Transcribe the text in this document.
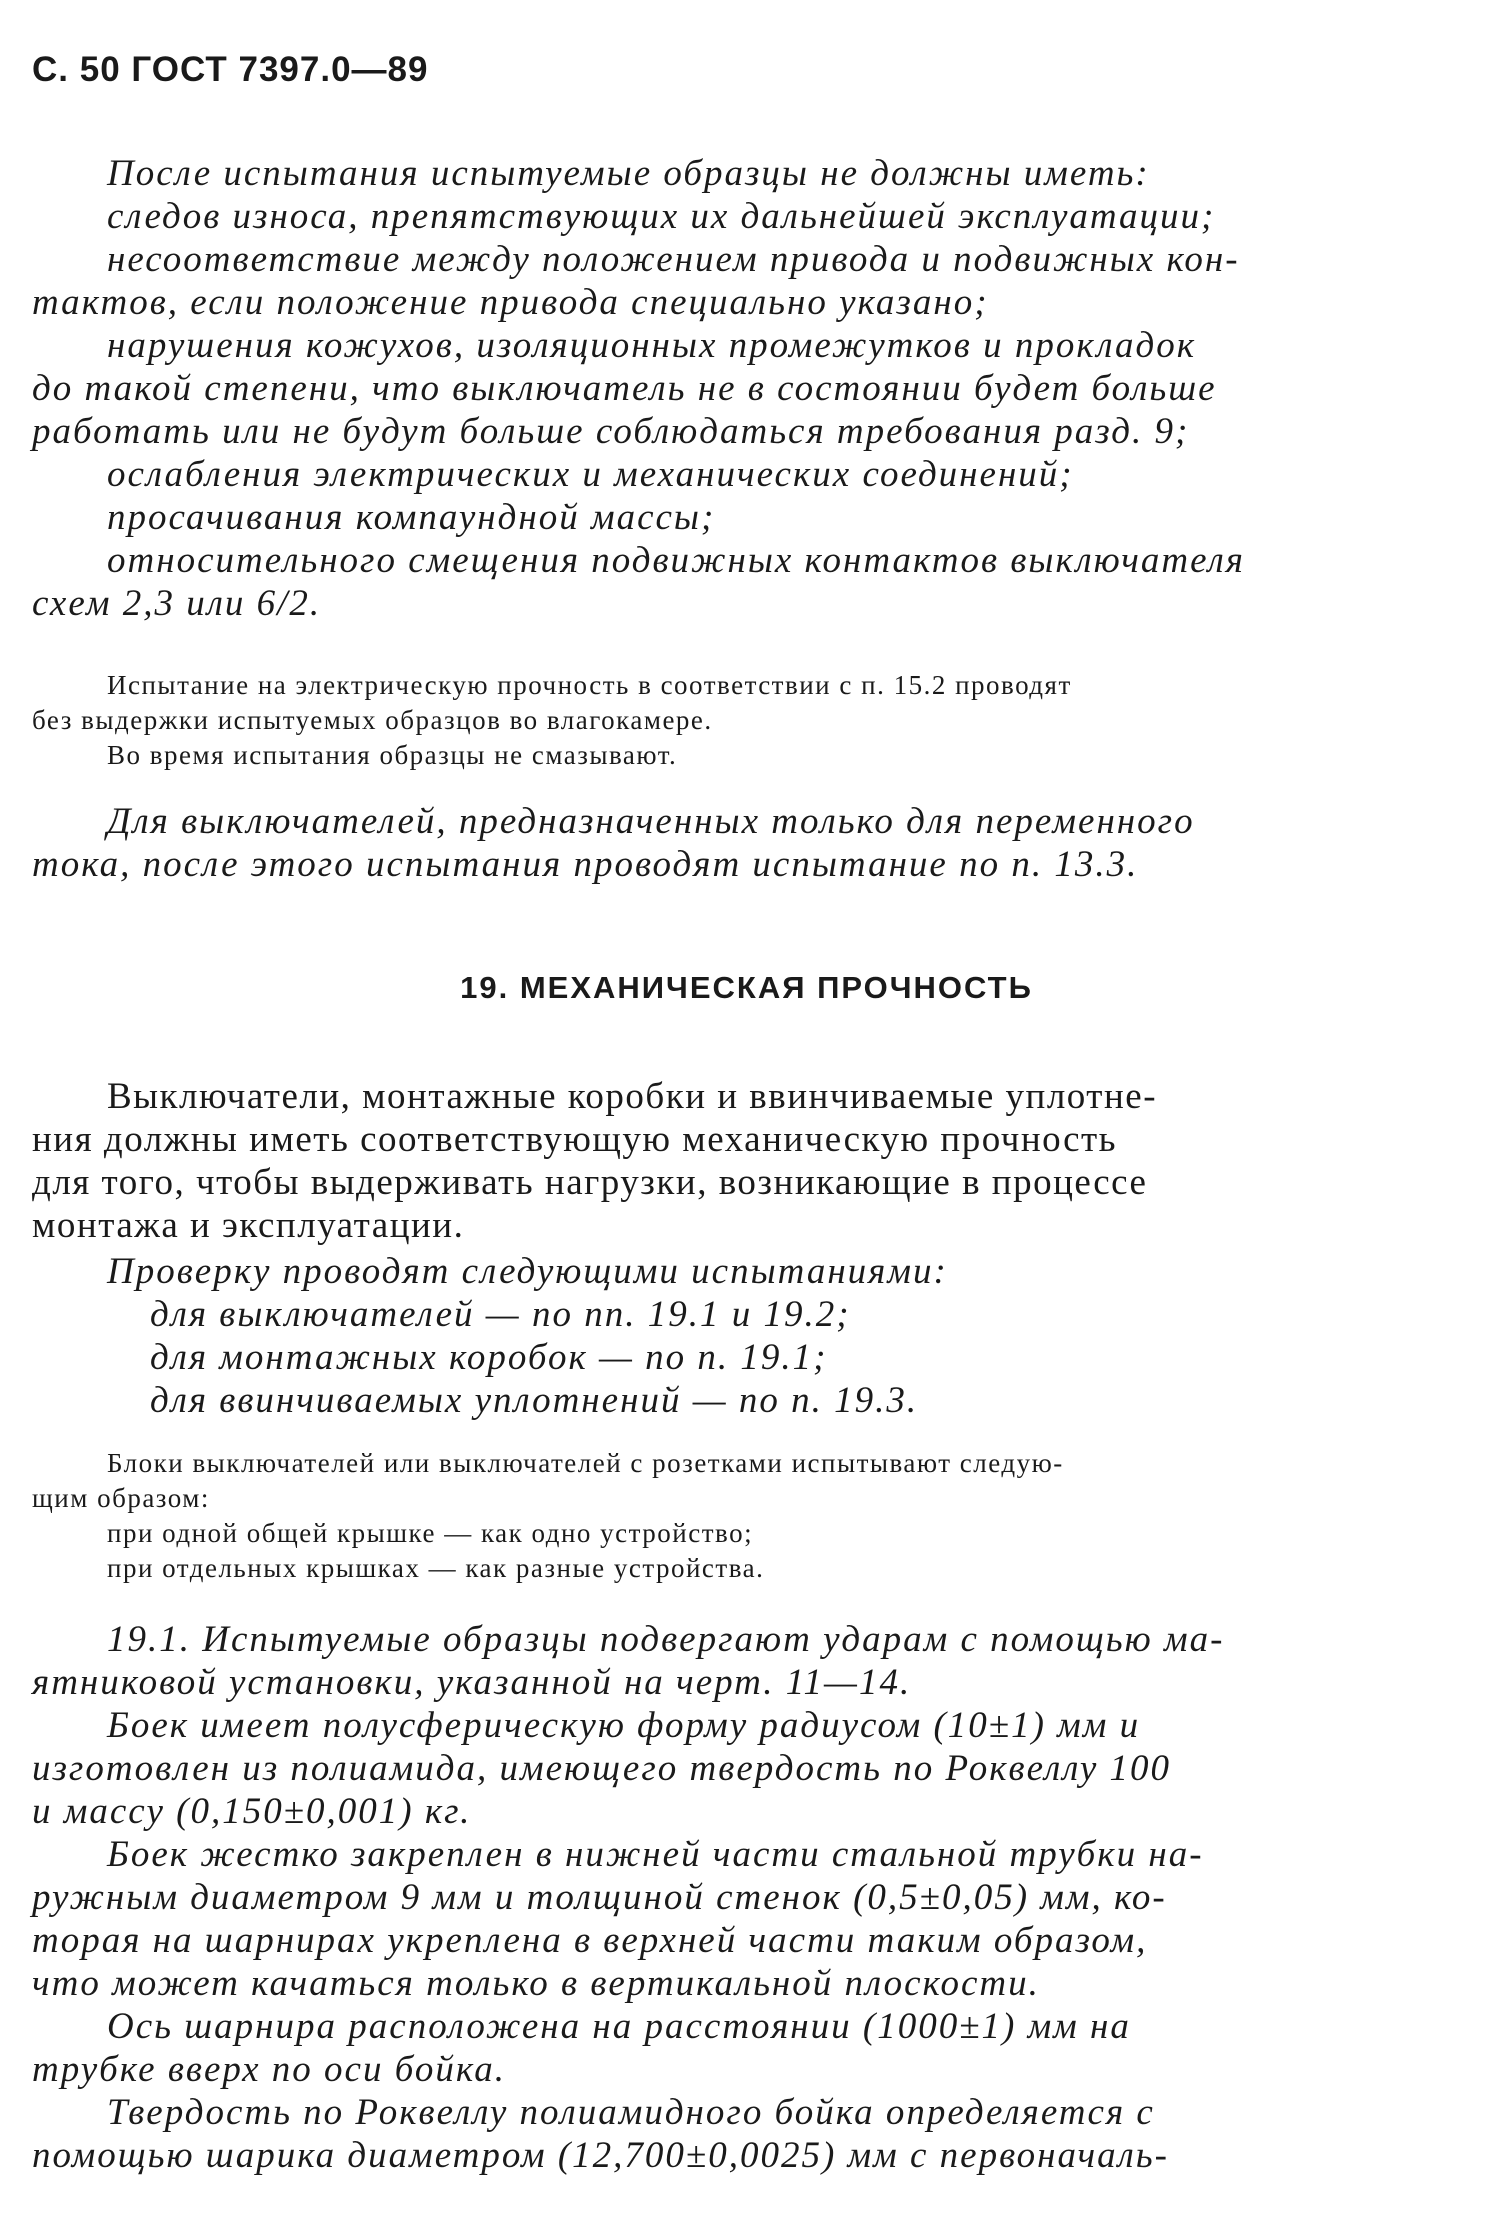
С. 50 ГОСТ 7397.0—89
После испытания испытуемые образцы не должны иметь:
следов износа, препятствующих их дальнейшей эксплуатации;
несоответствие между положением привода и подвижных кон-
тактов, если положение привода специально указано;
нарушения кожухов, изоляционных промежутков и прокладок
до такой степени, что выключатель не в состоянии будет больше
работать или не будут больше соблюдаться требования разд. 9;
ослабления электрических и механических соединений;
просачивания компаундной массы;
относительного смещения подвижных контактов выключателя
схем 2,3 или 6/2.
Испытание на электрическую прочность в соответствии с п. 15.2 проводят
без выдержки испытуемых образцов во влагокамере.
Во время испытания образцы не смазывают.
Для выключателей, предназначенных только для переменного
тока, после этого испытания проводят испытание по п. 13.3.
19. МЕХАНИЧЕСКАЯ ПРОЧНОСТЬ
Выключатели, монтажные коробки и ввинчиваемые уплотне-
ния должны иметь соответствующую механическую прочность
для того, чтобы выдерживать нагрузки, возникающие в процессе
монтажа и эксплуатации.
Проверку проводят следующими испытаниями:
для выключателей — по пп. 19.1 и 19.2;
для монтажных коробок — по п. 19.1;
для ввинчиваемых уплотнений — по п. 19.3.
Блоки выключателей или выключателей с розетками испытывают следую-
щим образом:
при одной общей крышке — как одно устройство;
при отдельных крышках — как разные устройства.
19.1. Испытуемые образцы подвергают ударам с помощью ма-
ятниковой установки, указанной на черт. 11—14.
Боек имеет полусферическую форму радиусом (10±1) мм и
изготовлен из полиамида, имеющего твердость по Роквеллу 100
и массу (0,150±0,001) кг.
Боек жестко закреплен в нижней части стальной трубки на-
ружным диаметром 9 мм и толщиной стенок (0,5±0,05) мм, ко-
торая на шарнирах укреплена в верхней части таким образом,
что может качаться только в вертикальной плоскости.
Ось шарнира расположена на расстоянии (1000±1) мм на
трубке вверх по оси бойка.
Твердость по Роквеллу полиамидного бойка определяется с
помощью шарика диаметром (12,700±0,0025) мм с первоначаль-
